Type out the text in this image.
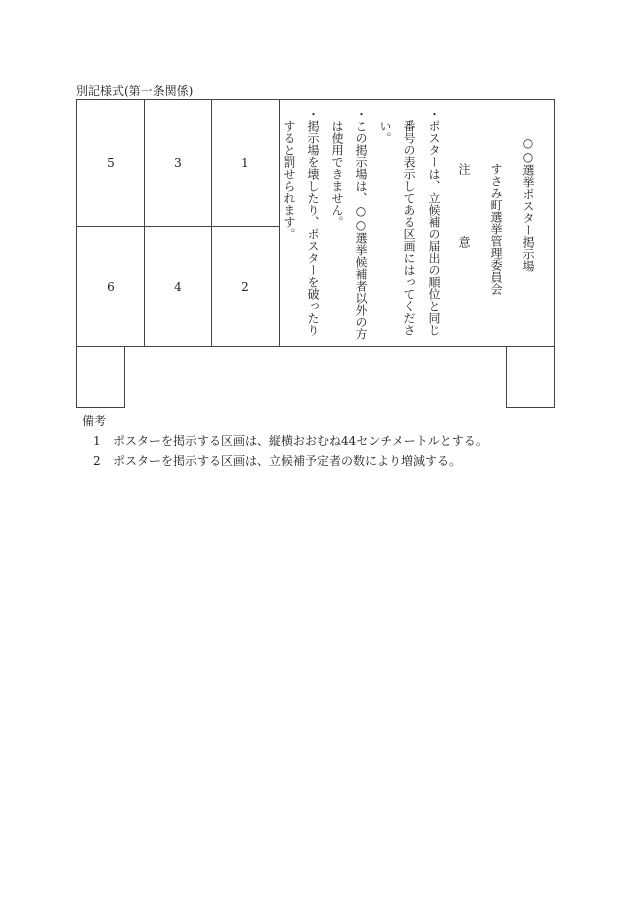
別記様式(第一条関係)
1
2
3
4
5
6
○○選挙ポスター掲示場
すさみ町選挙管理委員会
注
意
・ポスターは、立候補の届出の順位と同じ
番号の表示してある区画にはってくださ
い。
・この掲示場は、○○選挙候補者以外の方
は使用できません。
・掲示場を壊したり、ポスターを破ったり
すると罰せられます。
備考
1 ポスターを掲示する区画は、縦横おおむね44センチメートルとする。
2 ポスターを掲示する区画は、立候補予定者の数により増減する。
